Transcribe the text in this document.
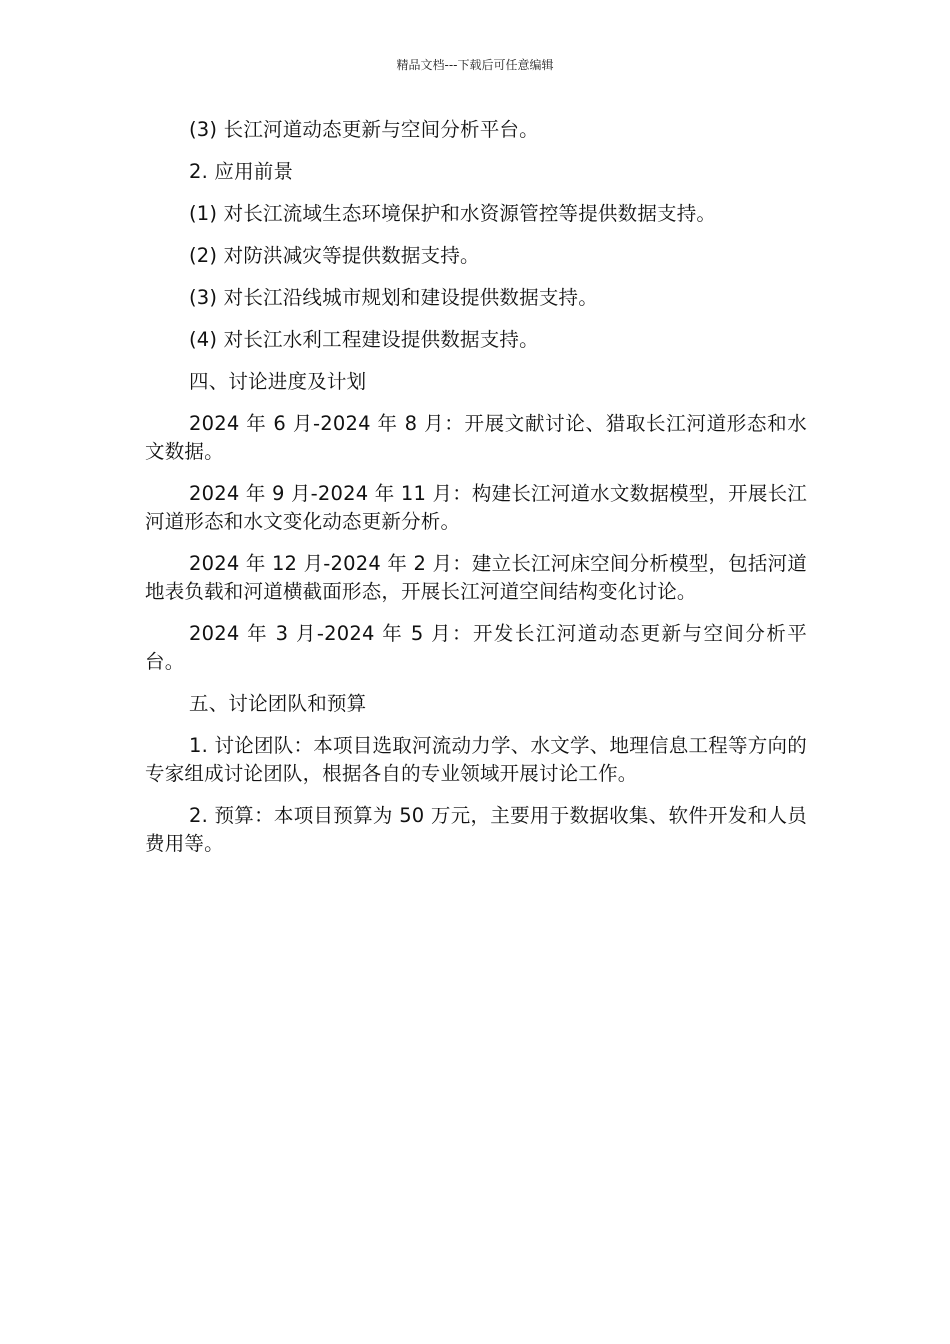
精品文档---下载后可任意编辑

(3) 长江河道动态更新与空间分析平台。

2. 应用前景

(1) 对长江流域生态环境保护和水资源管控等提供数据支持。

(2) 对防洪减灾等提供数据支持。

(3) 对长江沿线城市规划和建设提供数据支持。

(4) 对长江水利工程建设提供数据支持。

四、讨论进度及计划

2024 年 6 月-2024 年 8 月：开展文献讨论、猎取长江河道形态和水文数据。

2024 年 9 月-2024 年 11 月：构建长江河道水文数据模型，开展长江河道形态和水文变化动态更新分析。

2024 年 12 月-2024 年 2 月：建立长江河床空间分析模型，包括河道地表负载和河道横截面形态，开展长江河道空间结构变化讨论。

2024 年 3 月-2024 年 5 月：开发长江河道动态更新与空间分析平台。

五、讨论团队和预算

1. 讨论团队：本项目选取河流动力学、水文学、地理信息工程等方向的专家组成讨论团队，根据各自的专业领域开展讨论工作。

2. 预算：本项目预算为 50 万元，主要用于数据收集、软件开发和人员费用等。
